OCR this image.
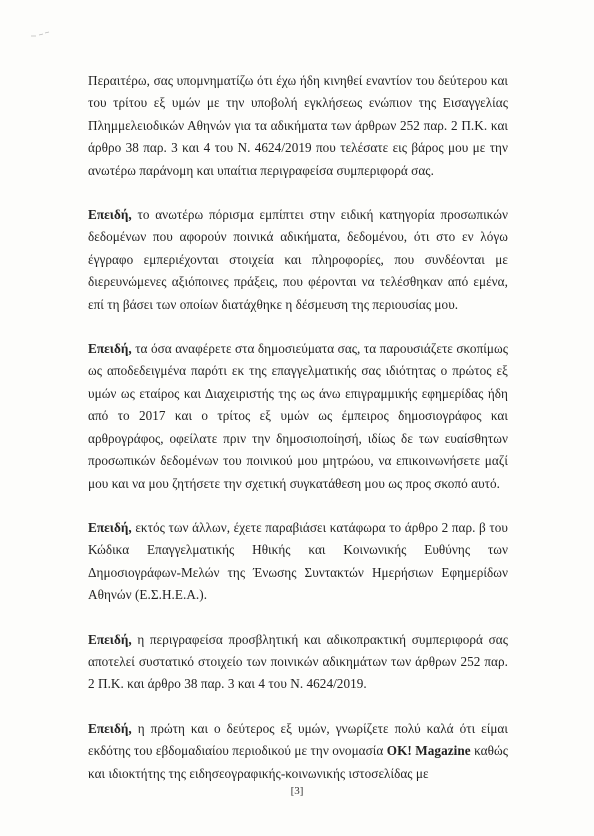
Περαιτέρω, σας υπομνηματίζω ότι έχω ήδη κινηθεί εναντίον του δεύτερου και του τρίτου εξ υμών με την υποβολή εγκλήσεως ενώπιον της Εισαγγελίας Πλημμελειοδικών Αθηνών για τα αδικήματα των άρθρων 252 παρ. 2 Π.Κ. και άρθρο 38 παρ. 3 και 4 του Ν. 4624/2019 που τελέσατε εις βάρος μου με την ανωτέρω παράνομη και υπαίτια περιγραφείσα συμπεριφορά σας.

Επειδή, το ανωτέρω πόρισμα εμπίπτει στην ειδική κατηγορία προσωπικών δεδομένων που αφορούν ποινικά αδικήματα, δεδομένου, ότι στο εν λόγω έγγραφο εμπεριέχονται στοιχεία και πληροφορίες, που συνδέονται με διερευνώμενες αξιόποινες πράξεις, που φέρονται να τελέσθηκαν από εμένα, επί τη βάσει των οποίων διατάχθηκε η δέσμευση της περιουσίας μου.

Επειδή, τα όσα αναφέρετε στα δημοσιεύματα σας, τα παρουσιάζετε σκοπίμως ως αποδεδειγμένα παρότι εκ της επαγγελματικής σας ιδιότητας ο πρώτος εξ υμών ως εταίρος και Διαχειριστής της ως άνω επιγραμμικής εφημερίδας ήδη από το 2017 και ο τρίτος εξ υμών ως έμπειρος δημοσιογράφος και αρθρογράφος, οφείλατε πριν την δημοσιοποίησή, ιδίως δε των ευαίσθητων προσωπικών δεδομένων του ποινικού μου μητρώου, να επικοινωνήσετε μαζί μου και να μου ζητήσετε την σχετική συγκατάθεση μου ως προς σκοπό αυτό.

Επειδή, εκτός των άλλων, έχετε παραβιάσει κατάφωρα το άρθρο 2 παρ. β του Κώδικα Επαγγελματικής Ηθικής και Κοινωνικής Ευθύνης των Δημοσιογράφων-Μελών της Ένωσης Συντακτών Ημερήσιων Εφημερίδων Αθηνών (Ε.Σ.Η.Ε.Α.).

Επειδή, η περιγραφείσα προσβλητική και αδικοπρακτική συμπεριφορά σας αποτελεί συστατικό στοιχείο των ποινικών αδικημάτων των άρθρων 252 παρ. 2 Π.Κ. και άρθρο 38 παρ. 3 και 4 του Ν. 4624/2019.

Επειδή, η πρώτη και ο δεύτερος εξ υμών, γνωρίζετε πολύ καλά ότι είμαι εκδότης του εβδομαδιαίου περιοδικού με την ονομασία OK! Magazine καθώς και ιδιοκτήτης της ειδησεογραφικής-κοινωνικής ιστοσελίδας με

[3]
